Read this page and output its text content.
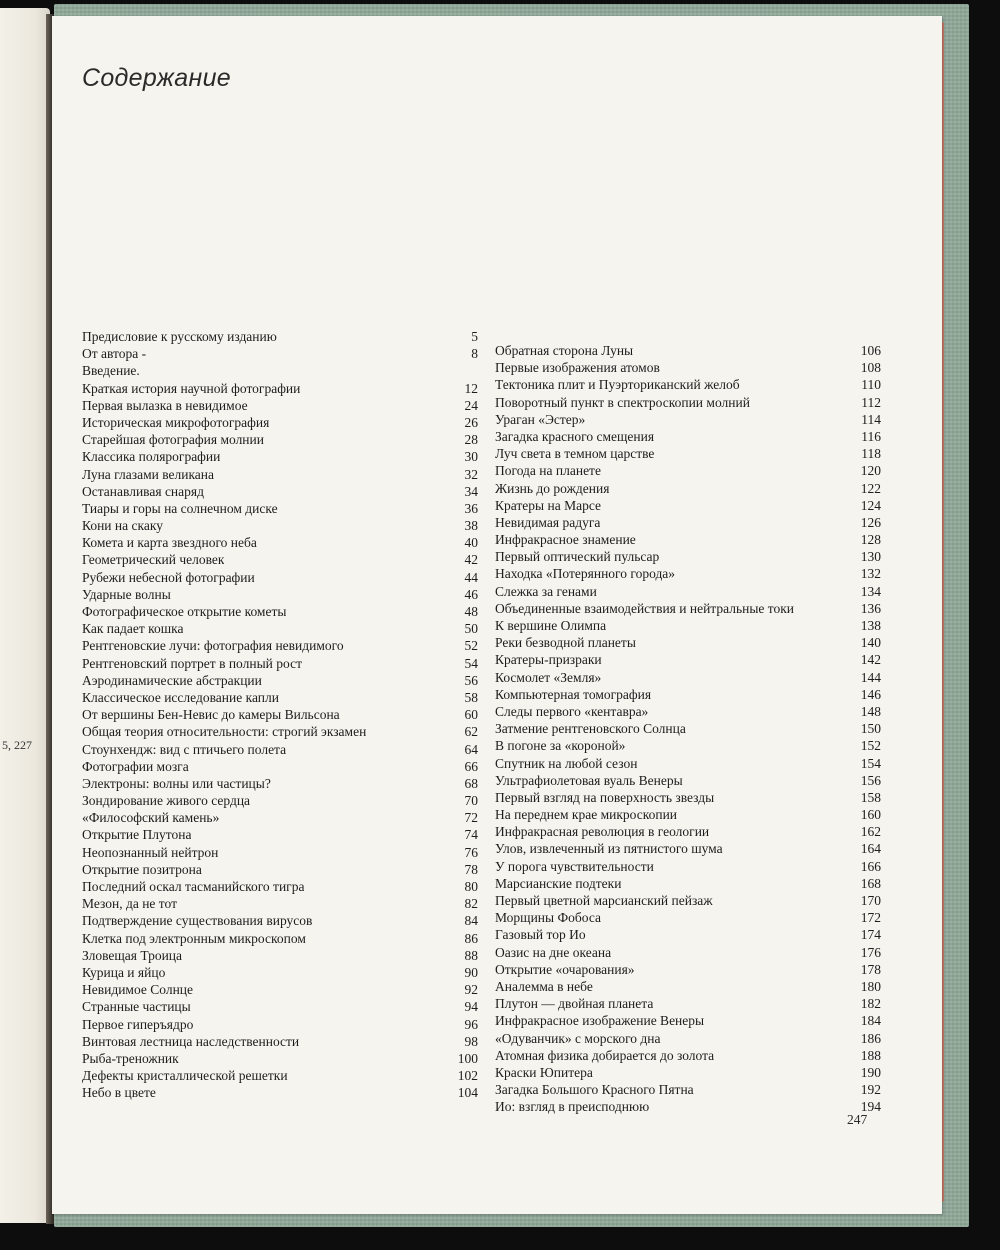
5, 227
Содержание
Предисловие к русскому изданию	5
От автора -	8
Введение.
Краткая история научной фотографии	12
Первая вылазка в невидимое	24
Историческая микрофотография	26
Старейшая фотография молнии	28
Классика полярографии	30
Луна глазами великана	32
Останавливая снаряд	34
Тиары и горы на солнечном диске	36
Кони на скаку	38
Комета и карта звездного неба	40
Геометрический человек	42
Рубежи небесной фотографии	44
Ударные волны	46
Фотографическое открытие кометы	48
Как падает кошка	50
Рентгеновские лучи: фотография невидимого	52
Рентгеновский портрет в полный рост	54
Аэродинамические абстракции	56
Классическое исследование капли	58
От вершины Бен-Невис до камеры Вильсона	60
Общая теория относительности: строгий экзамен	62
Стоунхендж: вид с птичьего полета	64
Фотографии мозга	66
Электроны: волны или частицы?	68
Зондирование живого сердца	70
«Философский камень»	72
Открытие Плутона	74
Неопознанный нейтрон	76
Открытие позитрона	78
Последний оскал тасманийского тигра	80
Мезон, да не тот	82
Подтверждение существования вирусов	84
Клетка под электронным микроскопом	86
Зловещая Троица	88
Курица и яйцо	90
Невидимое Солнце	92
Странные частицы	94
Первое гиперъядро	96
Винтовая лестница наследственности	98
Рыба-треножник	100
Дефекты кристаллической решетки	102
Небо в цвете	104
Обратная сторона Луны	106
Первые изображения атомов	108
Тектоника плит и Пуэрториканский желоб	110
Поворотный пункт в спектроскопии молний	112
Ураган «Эстер»	114
Загадка красного смещения	116
Луч света в темном царстве	118
Погода на планете	120
Жизнь до рождения	122
Кратеры на Марсе	124
Невидимая радуга	126
Инфракрасное знамение	128
Первый оптический пульсар	130
Находка «Потерянного города»	132
Слежка за генами	134
Объединенные взаимодействия и нейтральные токи	136
К вершине Олимпа	138
Реки безводной планеты	140
Кратеры-призраки	142
Космолет «Земля»	144
Компьютерная томография	146
Следы первого «кентавра»	148
Затмение рентгеновского Солнца	150
В погоне за «короной»	152
Спутник на любой сезон	154
Ультрафиолетовая вуаль Венеры	156
Первый взгляд на поверхность звезды	158
На переднем крае микроскопии	160
Инфракрасная революция в геологии	162
Улов, извлеченный из пятнистого шума	164
У порога чувствительности	166
Марсианские подтеки	168
Первый цветной марсианский пейзаж	170
Морщины Фобоса	172
Газовый тор Ио	174
Оазис на дне океана	176
Открытие «очарования»	178
Аналемма в небе	180
Плутон — двойная планета	182
Инфракрасное изображение Венеры	184
«Одуванчик» с морского дна	186
Атомная физика добирается до золота	188
Краски Юпитера	190
Загадка Большого Красного Пятна	192
Ио: взгляд в преисподнюю	194
247
